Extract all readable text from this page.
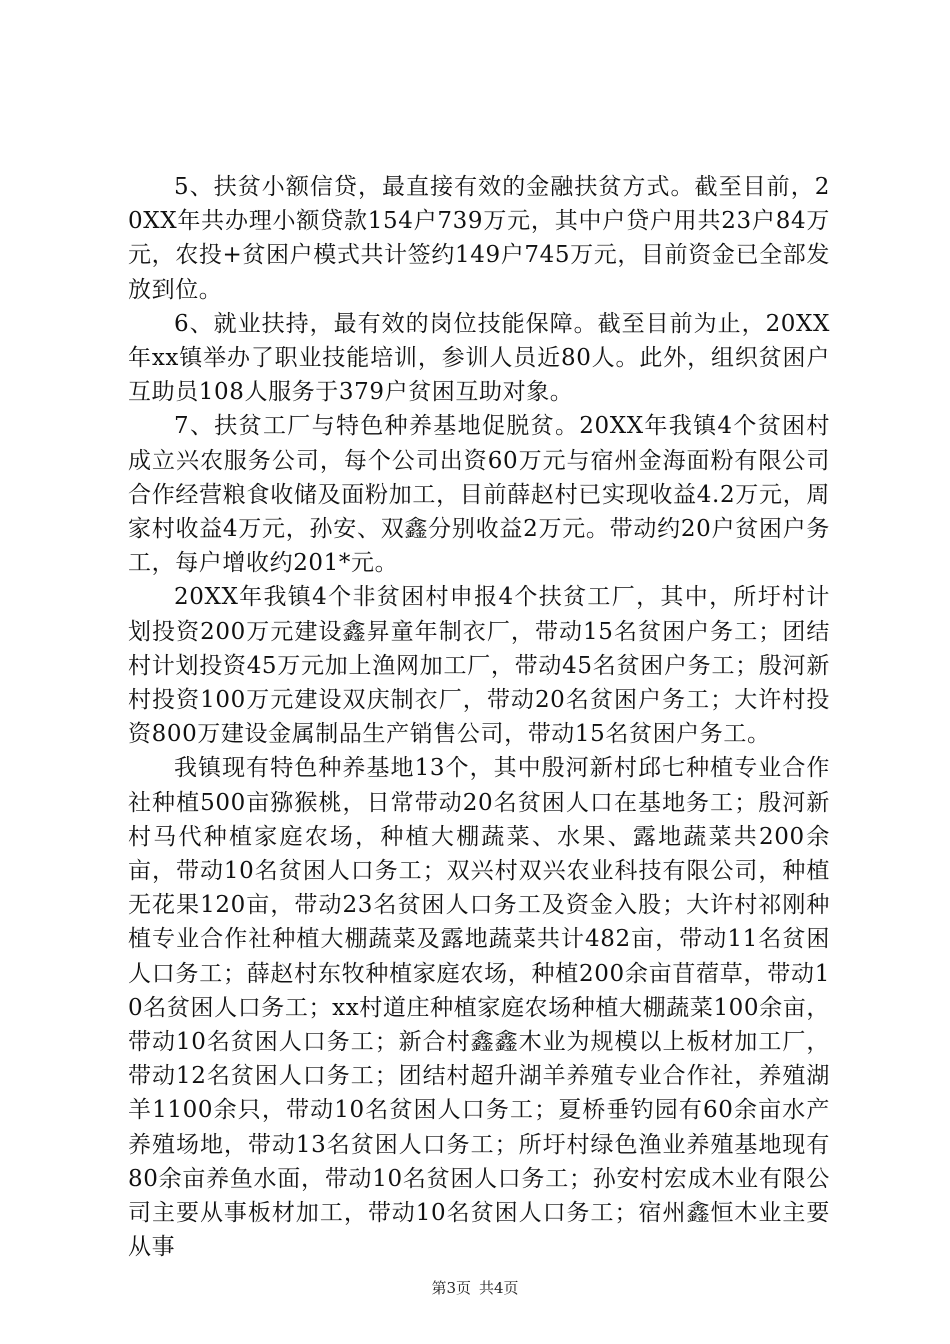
5、扶贫小额信贷，最直接有效的金融扶贫方式。截至目前，20XX年共办理小额贷款154户739万元，其中户贷户用共23户84万元，农投+贫困户模式共计签约149户745万元，目前资金已全部发放到位。

6、就业扶持，最有效的岗位技能保障。截至目前为止，20XX年xx镇举办了职业技能培训，参训人员近80人。此外，组织贫困户互助员108人服务于379户贫困互助对象。

7、扶贫工厂与特色种养基地促脱贫。20XX年我镇4个贫困村成立兴农服务公司，每个公司出资60万元与宿州金海面粉有限公司合作经营粮食收储及面粉加工，目前薛赵村已实现收益4.2万元，周家村收益4万元，孙安、双鑫分别收益2万元。带动约20户贫困户务工，每户增收约201*元。

20XX年我镇4个非贫困村申报4个扶贫工厂，其中，所圩村计划投资200万元建设鑫昇童年制衣厂，带动15名贫困户务工；团结村计划投资45万元加上渔网加工厂，带动45名贫困户务工；殷河新村投资100万元建设双庆制衣厂，带动20名贫困户务工；大许村投资800万建设金属制品生产销售公司，带动15名贫困户务工。

我镇现有特色种养基地13个，其中殷河新村邱七种植专业合作社种植500亩猕猴桃，日常带动20名贫困人口在基地务工；殷河新村马代种植家庭农场，种植大棚蔬菜、水果、露地蔬菜共200余亩，带动10名贫困人口务工；双兴村双兴农业科技有限公司，种植无花果120亩，带动23名贫困人口务工及资金入股；大许村祁刚种植专业合作社种植大棚蔬菜及露地蔬菜共计482亩，带动11名贫困人口务工；薛赵村东牧种植家庭农场，种植200余亩苜蓿草，带动10名贫困人口务工；xx村道庄种植家庭农场种植大棚蔬菜100余亩，带动10名贫困人口务工；新合村鑫鑫木业为规模以上板材加工厂，带动12名贫困人口务工；团结村超升湖羊养殖专业合作社，养殖湖羊1100余只，带动10名贫困人口务工；夏桥垂钓园有60余亩水产养殖场地，带动13名贫困人口务工；所圩村绿色渔业养殖基地现有80余亩养鱼水面，带动10名贫困人口务工；孙安村宏成木业有限公司主要从事板材加工，带动10名贫困人口务工；宿州鑫恒木业主要从事

第3页 共4页
